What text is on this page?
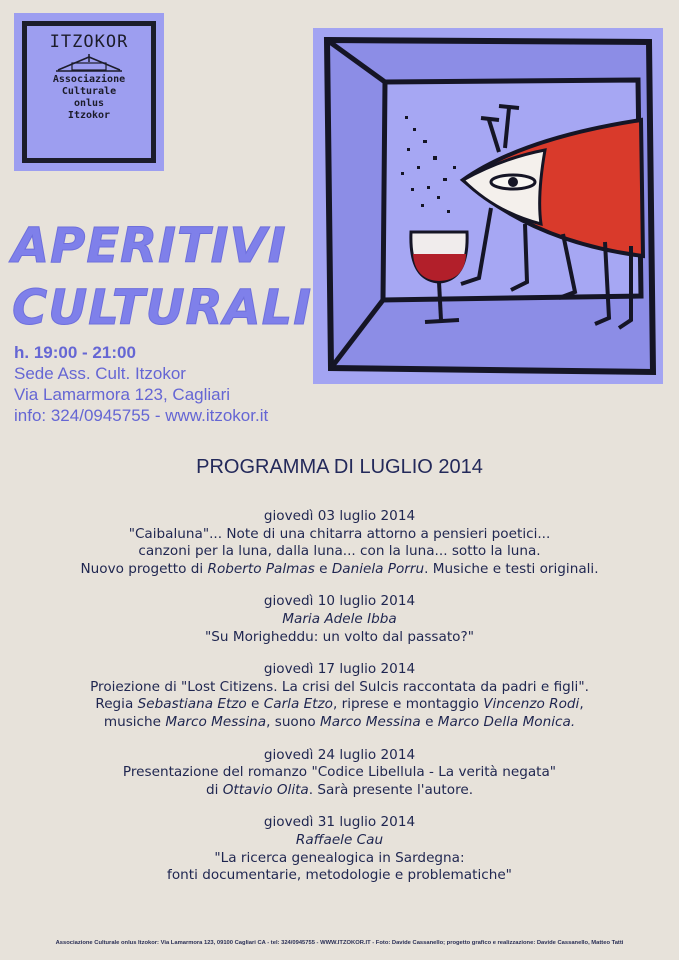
ITZOKOR
Associazione
Culturale
onlus
Itzokor
APERITIVI
CULTURALI
h. 19:00 - 21:00
Sede Ass. Cult. Itzokor
Via Lamarmora 123, Cagliari
info: 324/0945755 - www.itzokor.it
PROGRAMMA DI LUGLIO 2014
giovedì 03 luglio 2014
"Caibaluna"... Note di una chitarra attorno a pensieri poetici...
canzoni per la luna, dalla luna... con la luna... sotto la luna.
Nuovo progetto di Roberto Palmas e Daniela Porru. Musiche e testi originali.
giovedì 10 luglio 2014
Maria Adele Ibba
"Su Morigheddu: un volto dal passato?"
giovedì 17 luglio 2014
Proiezione di "Lost Citizens. La crisi del Sulcis raccontata da padri e figli".
Regia Sebastiana Etzo e Carla Etzo, riprese e montaggio Vincenzo Rodi,
musiche Marco Messina, suono Marco Messina e Marco Della Monica.
giovedì 24 luglio 2014
Presentazione del romanzo "Codice Libellula - La verità negata"
di Ottavio Olita. Sarà presente l'autore.
giovedì 31 luglio 2014
Raffaele Cau
"La ricerca genealogica in Sardegna:
fonti documentarie, metodologie e problematiche"
Associazione Culturale onlus Itzokor: Via Lamarmora 123, 09100 Cagliari CA - tel: 324/0945755 - WWW.ITZOKOR.IT - Foto: Davide Cassanello; progetto grafico e realizzazione: Davide Cassanello, Matteo Tatti
